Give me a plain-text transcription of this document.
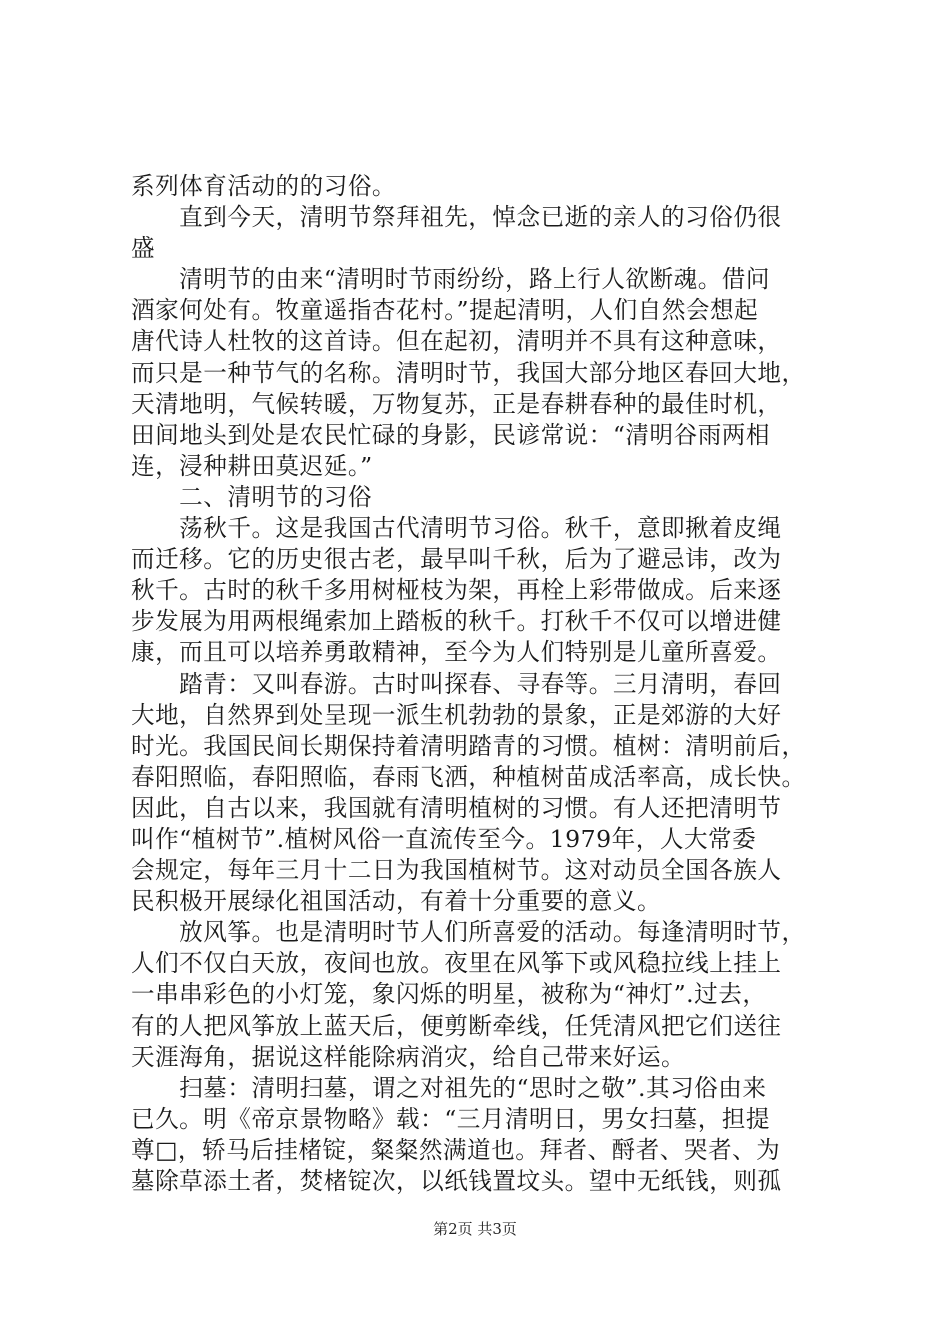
系列体育活动的的习俗。
　　直到今天，清明节祭拜祖先，悼念已逝的亲人的习俗仍很
盛
　　清明节的由来“清明时节雨纷纷，路上行人欲断魂。借问
酒家何处有。牧童遥指杏花村。”提起清明，人们自然会想起
唐代诗人杜牧的这首诗。但在起初，清明并不具有这种意味，
而只是一种节气的名称。清明时节，我国大部分地区春回大地，
天清地明，气候转暖，万物复苏，正是春耕春种的最佳时机，
田间地头到处是农民忙碌的身影，民谚常说：“清明谷雨两相
连，浸种耕田莫迟延。”
　　二、清明节的习俗
　　荡秋千。这是我国古代清明节习俗。秋千，意即揪着皮绳
而迁移。它的历史很古老，最早叫千秋，后为了避忌讳，改为
秋千。古时的秋千多用树桠枝为架，再栓上彩带做成。后来逐
步发展为用两根绳索加上踏板的秋千。打秋千不仅可以增进健
康，而且可以培养勇敢精神，至今为人们特别是儿童所喜爱。
　　踏青：又叫春游。古时叫探春、寻春等。三月清明，春回
大地，自然界到处呈现一派生机勃勃的景象，正是郊游的大好
时光。我国民间长期保持着清明踏青的习惯。植树：清明前后，
春阳照临，春阳照临，春雨飞洒，种植树苗成活率高，成长快。
因此，自古以来，我国就有清明植树的习惯。有人还把清明节
叫作“植树节”.植树风俗一直流传至今。1979年，人大常委
会规定，每年三月十二日为我国植树节。这对动员全国各族人
民积极开展绿化祖国活动，有着十分重要的意义。
　　放风筝。也是清明时节人们所喜爱的活动。每逢清明时节，
人们不仅白天放，夜间也放。夜里在风筝下或风稳拉线上挂上
一串串彩色的小灯笼，象闪烁的明星，被称为“神灯”.过去，
有的人把风筝放上蓝天后，便剪断牵线，任凭清风把它们送往
天涯海角，据说这样能除病消灾，给自己带来好运。
　　扫墓：清明扫墓，谓之对祖先的“思时之敬”.其习俗由来
已久。明《帝京景物略》载：“三月清明日，男女扫墓，担提
尊□，轿马后挂楮锭，粲粲然满道也。拜者、酹者、哭者、为
墓除草添土者，焚楮锭次，以纸钱置坟头。望中无纸钱，则孤
第2页 共3页
